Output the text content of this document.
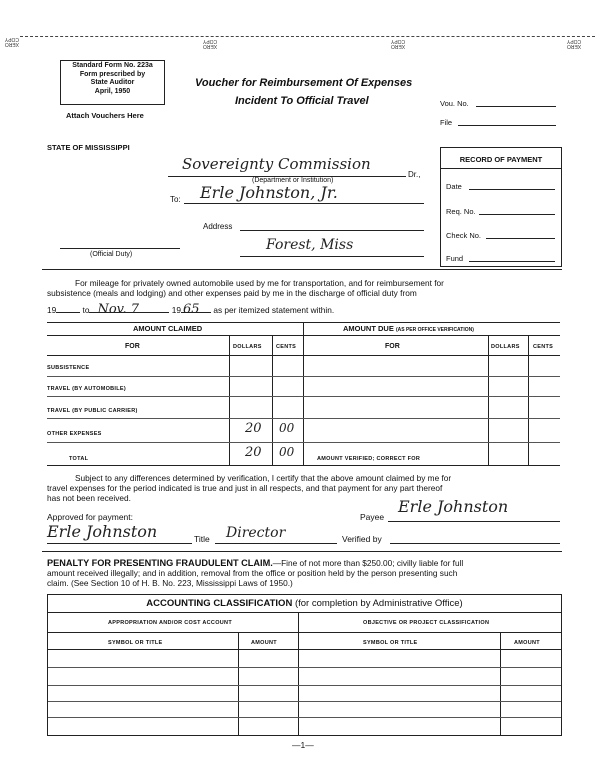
XERO COPY
XERO COPY
XERO COPY
XERO COPY
Standard Form No. 223a
Form prescribed by
State Auditor
April, 1950
Attach Vouchers Here
Voucher for Reimbursement Of Expenses
Incident To Official Travel	Vou. No.
File
STATE OF MISSISSIPPI
Sovereignty Commission
(Department or Institution)
Dr.,
To: Erle Johnston, Jr.
Address
Forest, Miss
(Official Duty)
RECORD OF PAYMENT
Date
Req. No.
Check No.
Fund
For mileage for privately owned automobile used by me for transportation, and for reimbursement for
subsistence (meals and lodging) and other expenses paid by me in the discharge of official duty from
19	to Nov. 7	19 65 as per itemized statement within.
AMOUNT CLAIMED	AMOUNT DUE (AS PER OFFICE VERIFICATION)
FOR	DOLLARS	CENTS	FOR	DOLLARS CENTS
SUBSISTENCE
TRAVEL (BY AUTOMOBILE)
TRAVEL (BY PUBLIC CARRIER)
OTHER EXPENSES	20 00
TOTAL	20 00	AMOUNT VERIFIED; CORRECT FOR
Subject to any differences determined by verification, I certify that the above amount claimed by me for
travel expenses for the period indicated is true and just in all respects, and that payment for any part thereof
has not been received.
Approved for payment:	Payee
Erle Johnston
Erle Johnston	Title Director	Verified by
PENALTY FOR PRESENTING FRAUDULENT CLAIM.—Fine of not more than $250.00; civilly liable for full
amount received illegally; and in addition, removal from the office or position held by the person presenting such
claim. (See Section 10 of H. B. No. 223, Mississippi Laws of 1950.)
ACCOUNTING CLASSIFICATION (for completion by Administrative Office)
APPROPRIATION AND/OR COST ACCOUNT	OBJECTIVE OR PROJECT CLASSIFICATION
SYMBOL OR TITLE	AMOUNT	SYMBOL OR TITLE	AMOUNT
—1—
